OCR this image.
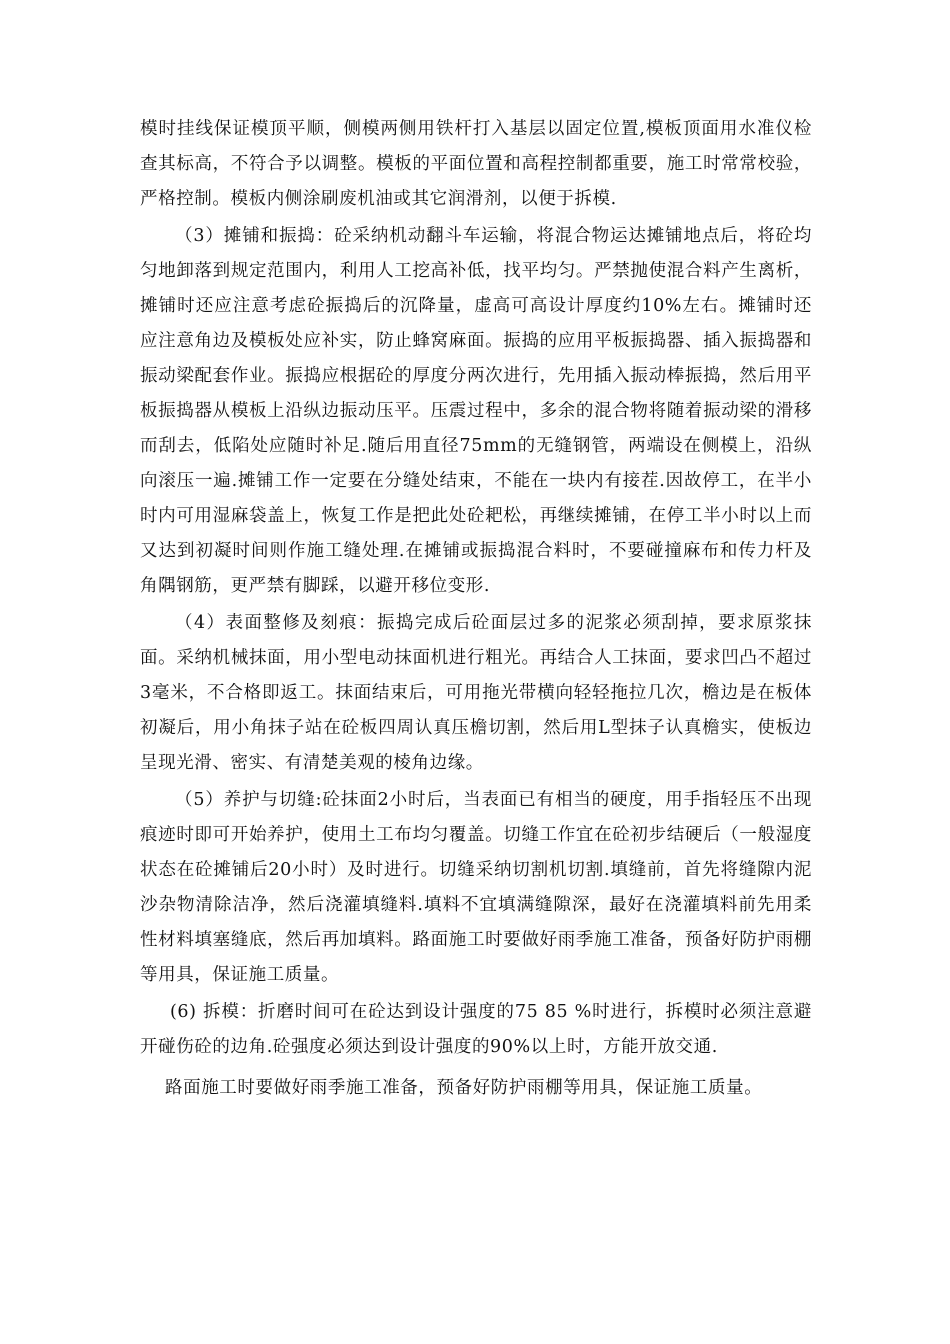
模时挂线保证模顶平顺，侧模两侧用铁杆打入基层以固定位置,模板顶面用水准仪检查其标高，不符合予以调整。模板的平面位置和高程控制都重要，施工时常常校验，严格控制。模板内侧涂刷废机油或其它润滑剂，以便于拆模.

（3）摊铺和振捣：砼采纳机动翻斗车运输，将混合物运达摊铺地点后，将砼均匀地卸落到规定范围内，利用人工挖高补低，找平均匀。严禁抛使混合料产生离析，摊铺时还应注意考虑砼振捣后的沉降量，虚高可高设计厚度约10%左右。摊铺时还应注意角边及模板处应补实，防止蜂窝麻面。振捣的应用平板振捣器、插入振捣器和振动梁配套作业。振捣应根据砼的厚度分两次进行，先用插入振动棒振捣，然后用平板振捣器从模板上沿纵边振动压平。压震过程中，多余的混合物将随着振动梁的滑移而刮去，低陷处应随时补足.随后用直径75mm的无缝钢管，两端设在侧模上，沿纵向滚压一遍.摊铺工作一定要在分缝处结束，不能在一块内有接茬.因故停工，在半小时内可用湿麻袋盖上，恢复工作是把此处砼耙松，再继续摊铺，在停工半小时以上而又达到初凝时间则作施工缝处理.在摊铺或振捣混合料时，不要碰撞麻布和传力杆及角隅钢筋，更严禁有脚踩，以避开移位变形.

（4）表面整修及刻痕：振捣完成后砼面层过多的泥浆必须刮掉，要求原浆抹面。采纳机械抹面，用小型电动抹面机进行粗光。再结合人工抹面，要求凹凸不超过3毫米，不合格即返工。抹面结束后，可用拖光带横向轻轻拖拉几次，檐边是在板体初凝后，用小角抹子站在砼板四周认真压檐切割，然后用L型抹子认真檐实，使板边呈现光滑、密实、有清楚美观的棱角边缘。

（5）养护与切缝:砼抹面2小时后，当表面已有相当的硬度，用手指轻压不出现痕迹时即可开始养护，使用土工布均匀覆盖。切缝工作宜在砼初步结硬后（一般湿度状态在砼摊铺后20小时）及时进行。切缝采纳切割机切割.填缝前，首先将缝隙内泥沙杂物清除洁净，然后浇灌填缝料.填料不宜填满缝隙深，最好在浇灌填料前先用柔性材料填塞缝底，然后再加填料。路面施工时要做好雨季施工准备，预备好防护雨棚等用具，保证施工质量。

(6) 拆模：折磨时间可在砼达到设计强度的75 85 %时进行，拆模时必须注意避开碰伤砼的边角.砼强度必须达到设计强度的90%以上时，方能开放交通.

路面施工时要做好雨季施工准备，预备好防护雨棚等用具，保证施工质量。
